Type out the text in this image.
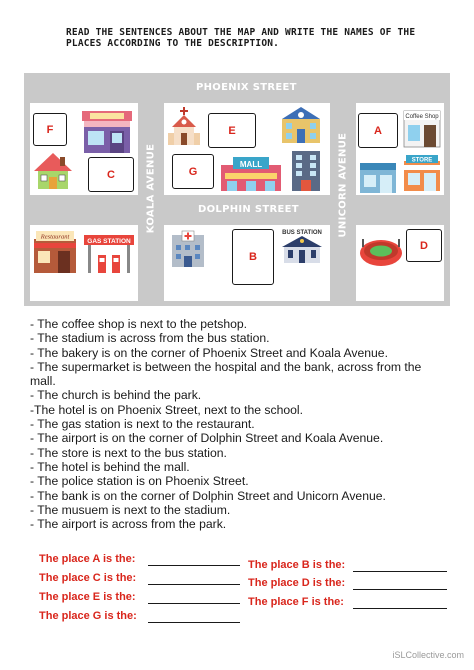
READ THE SENTENCES ABOUT THE MAP AND WRITE THE NAMES OF THE PLACES ACCORDING TO THE DESCRIPTION.
PHOENIX STREET
DOLPHIN STREET
KOALA AVENUE	UNICORN AVENUE
F
C
E
G
MALL
A
Coffee Shop
STORE
Restaurant
GAS STATION
B
BUS STATION
D
- The coffee shop is next to the petshop.
- The stadium is across from the bus station.
- The bakery is on the corner of Phoenix Street and Koala Avenue.
- The supermarket is between the hospital and the bank, across from the
mall.
- The church is behind the park.
-The hotel is on Phoenix Street, next to the school.
- The gas station is next to the restaurant.
- The airport is on the corner of Dolphin Street and Koala Avenue.
- The store is next to the bus station.
- The hotel is behind the mall.
- The police station is on Phoenix Street.
- The bank is on the corner of Dolphin Street and Unicorn Avenue.
- The musuem is next to the stadium.
- The airport is across from the park.
The place A is the:	The place B is the:
The place C is the:	The place D is the:
The place E is the:	The place F is the:
The place G is the:
iSLCollective.com
